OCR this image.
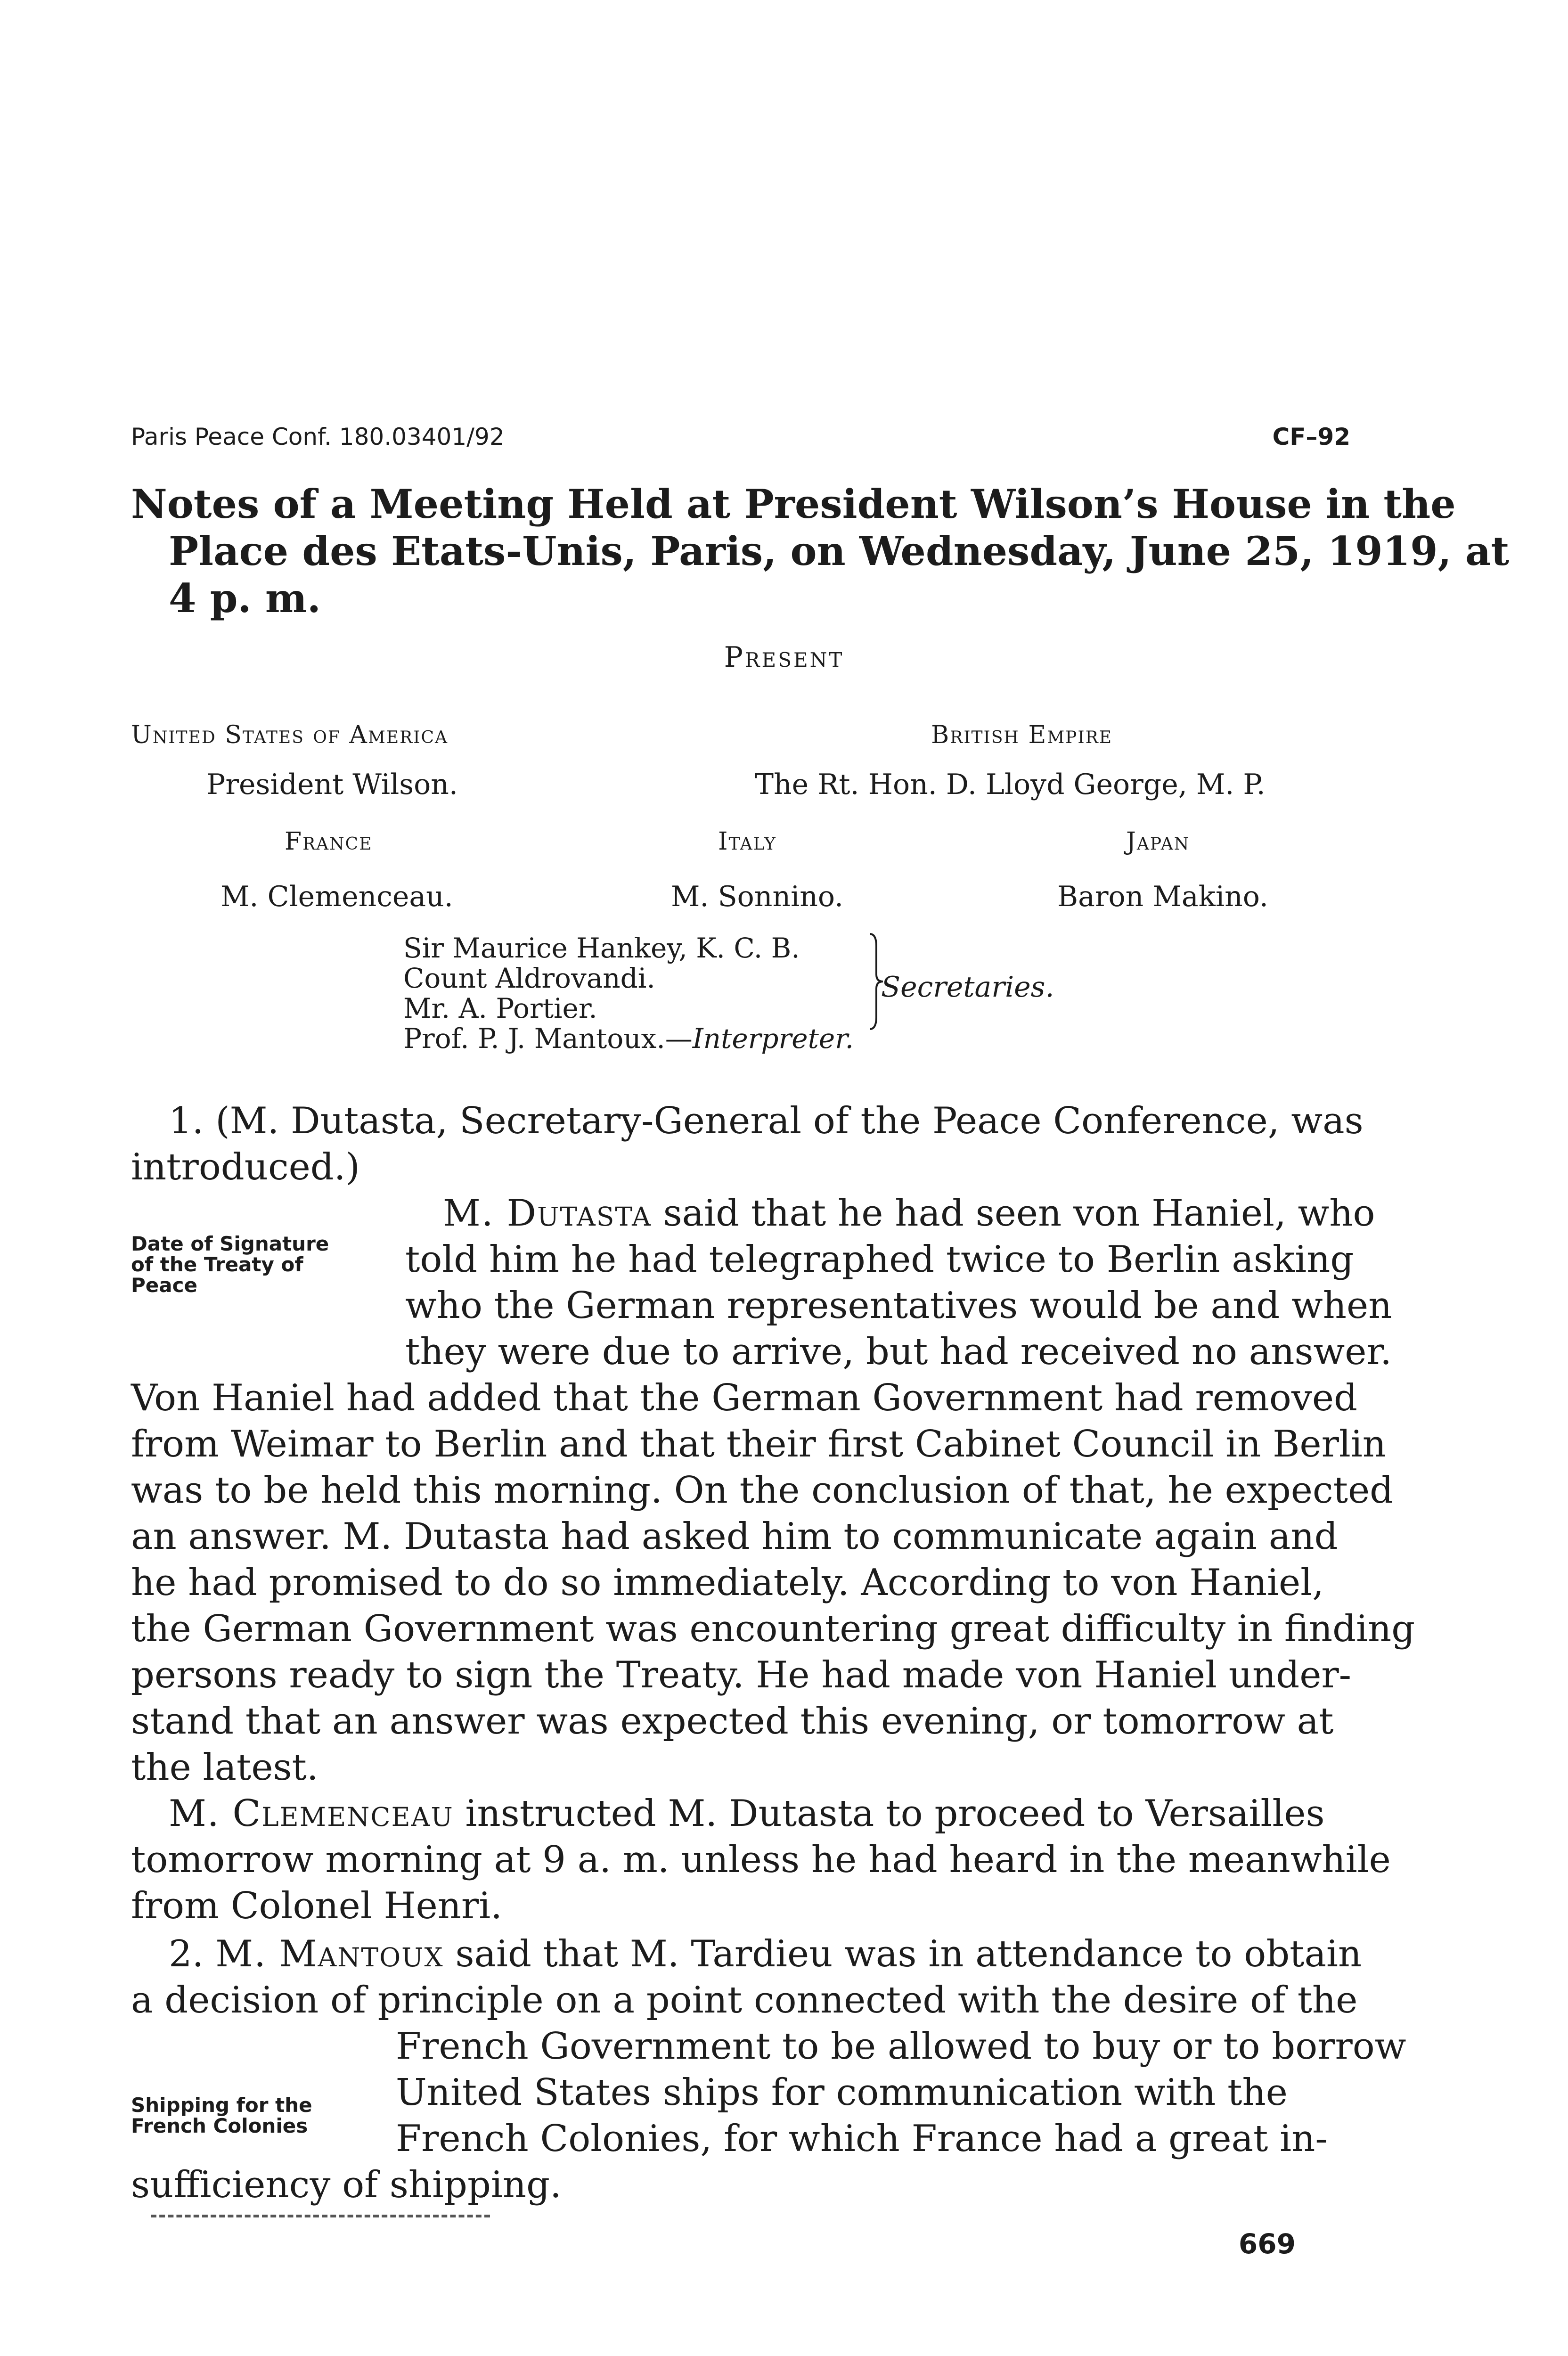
Paris Peace Conf. 180.03401/92	CF–92
Notes of a Meeting Held at President Wilson’s House in the
Place des Etats-Unis, Paris, on Wednesday, June 25, 1919, at
4 p. m.
Present
United States of America
President Wilson.
British Empire
The Rt. Hon. D. Lloyd George, M. P.
France
M. Clemenceau.
Italy
M. Sonnino.
Japan
Baron Makino.
Sir Maurice Hankey, K. C. B.
Count Aldrovandi.
Mr. A. Portier.
Prof. P. J. Mantoux.—Interpreter.
Secretaries.
1. (M. Dutasta, Secretary-General of the Peace Conference, was
introduced.)
Date of Signature
of the Treaty of
Peace
M. Dutasta said that he had seen von Haniel, who
told him he had telegraphed twice to Berlin asking
who the German representatives would be and when
they were due to arrive, but had received no answer.
Von Haniel had added that the German Government had removed
from Weimar to Berlin and that their first Cabinet Council in Berlin
was to be held this morning. On the conclusion of that, he expected
an answer. M. Dutasta had asked him to communicate again and
he had promised to do so immediately. According to von Haniel,
the German Government was encountering great difficulty in finding
persons ready to sign the Treaty. He had made von Haniel under-
stand that an answer was expected this evening, or tomorrow at
the latest.
M. Clemenceau instructed M. Dutasta to proceed to Versailles
tomorrow morning at 9 a. m. unless he had heard in the meanwhile
from Colonel Henri.
2. M. Mantoux said that M. Tardieu was in attendance to obtain
a decision of principle on a point connected with the desire of the
Shipping for the
French Colonies
French Government to be allowed to buy or to borrow
United States ships for communication with the
French Colonies, for which France had a great in-
sufficiency of shipping.
669
